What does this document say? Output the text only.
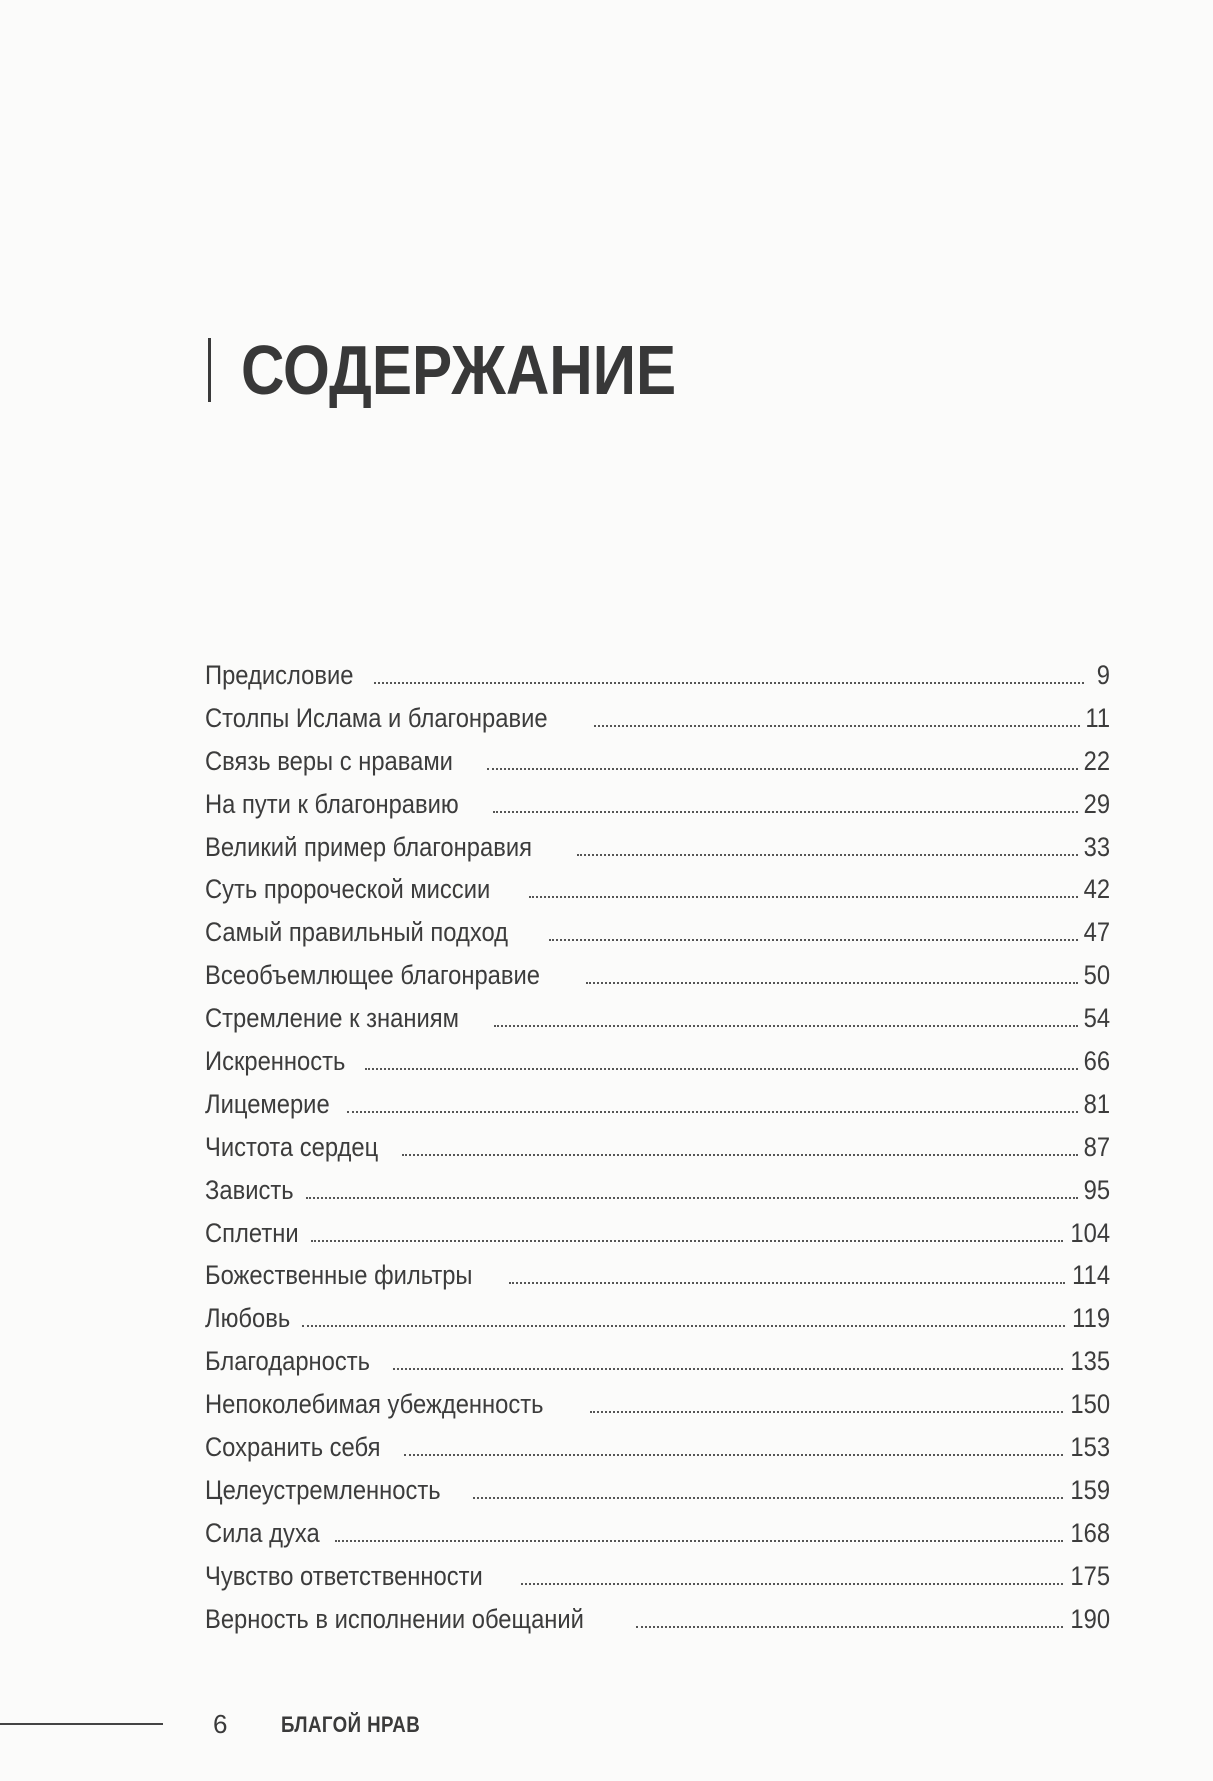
СОДЕРЖАНИЕ
Предисловие	9
Столпы Ислама и благонравие	11
Связь веры с нравами	22
На пути к благонравию	29
Великий пример благонравия	33
Суть пророческой миссии	42
Самый правильный подход	47
Всеобъемлющее благонравие	50
Стремление к знаниям	54
Искренность	66
Лицемерие	81
Чистота сердец	87
Зависть	95
Сплетни	104
Божественные фильтры	114
Любовь	119
Благодарность	135
Непоколебимая убежденность	150
Сохранить себя	153
Целеустремленность	159
Сила духа	168
Чувство ответственности	175
Верность в исполнении обещаний	190
6 БЛАГОЙ НРАВ
